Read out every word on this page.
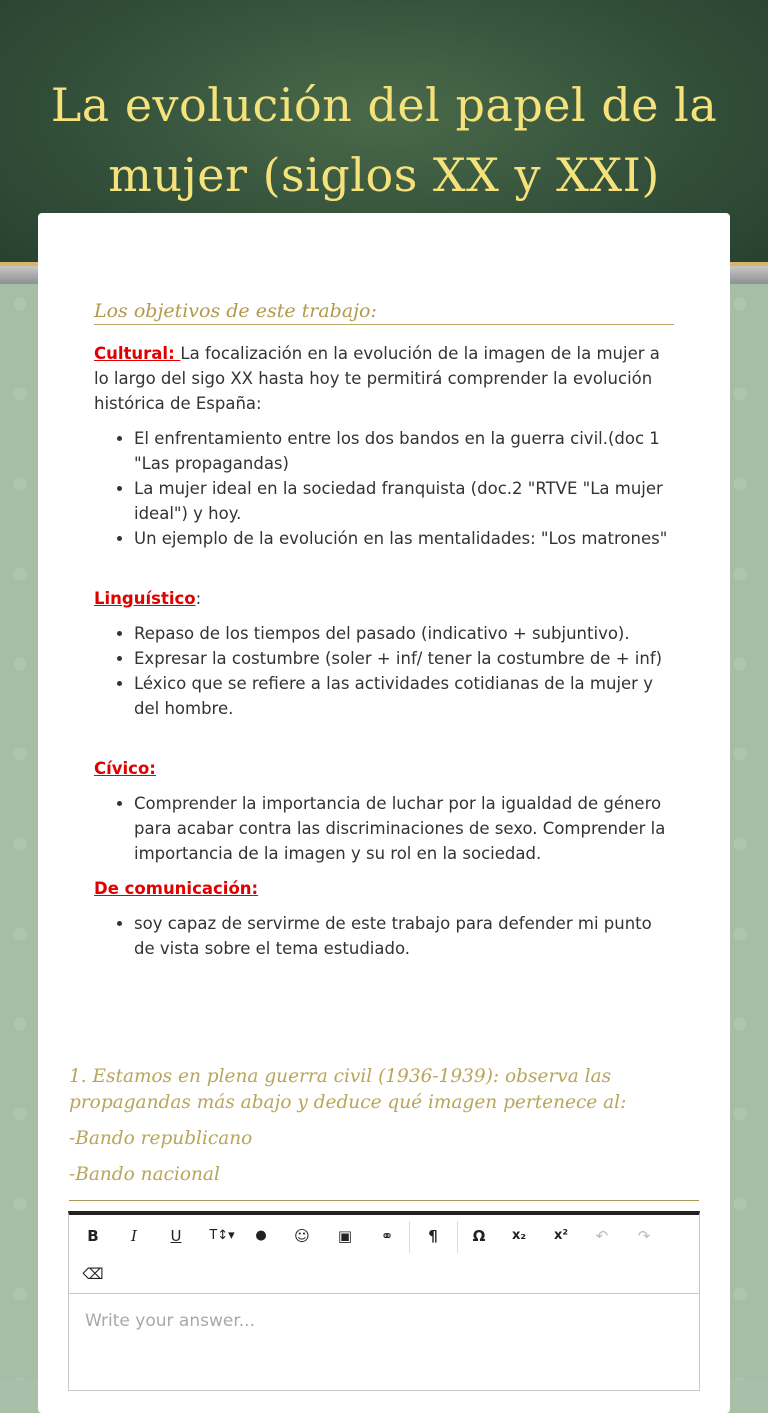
La evolución del papel de la mujer (siglos XX y XXI)
Los objetivos de este trabajo:
Cultural: La focalización en la evolución de la imagen de la mujer a lo largo del sigo XX hasta hoy te permitirá comprender la evolución histórica de España:
• El enfrentamiento entre los dos bandos en la guerra civil.(doc 1 "Las propagandas)
• La mujer ideal en la sociedad franquista (doc.2 "RTVE "La mujer ideal") y hoy.
• Un ejemplo de la evolución en las mentalidades: "Los matrones"
Linguístico:
• Repaso de los tiempos del pasado (indicativo + subjuntivo).
• Expresar la costumbre (soler + inf/ tener la costumbre de + inf)
• Léxico que se refiere a las actividades cotidianas de la mujer y del hombre.
Cívico:
• Comprender la importancia de luchar por la igualdad de género para acabar contra las discriminaciones de sexo. Comprender la importancia de la imagen y su rol en la sociedad.
De comunicación:
• soy capaz de servirme de este trabajo para defender mi punto de vista sobre el tema estudiado.
1. Estamos en plena guerra civil (1936-1939): observa las propagandas más abajo y deduce qué imagen pertenece al:
-Bando republicano
-Bando nacional
B	I	U	T↕▾	●	☺	▣	⚭	¶	Ω	x₂	x²	↶	↷
⌫
Write your answer...
